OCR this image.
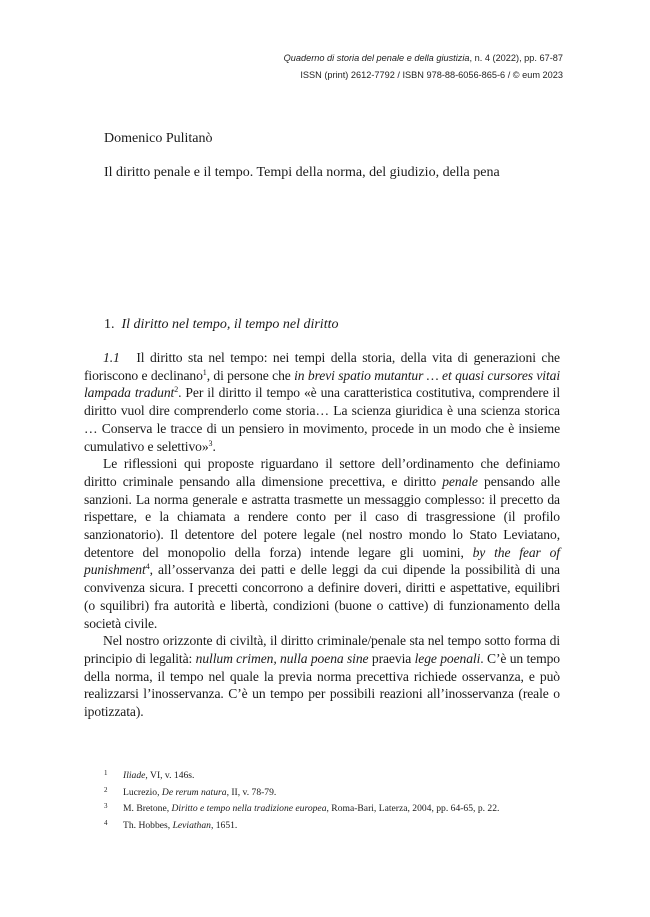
Quaderno di storia del penale e della giustizia, n. 4 (2022), pp. 67-87
ISSN (print) 2612-7792 / ISBN 978-88-6056-865-6 / © eum 2023
Domenico Pulitanò
Il diritto penale e il tempo. Tempi della norma, del giudizio, della pena
1. Il diritto nel tempo, il tempo nel diritto

1.1 Il diritto sta nel tempo: nei tempi della storia, della vita di generazioni che fioriscono e declinano$^1$, di persone che in brevi spatio mutantur … et quasi cursores vitai lampada tradunt$^2$. Per il diritto il tempo «è una caratteristica costitutiva, comprendere il diritto vuol dire comprenderlo come storia… La scienza giuridica è una scienza storica … Conserva le tracce di un pensiero in movimento, procede in un modo che è insieme cumulativo e selettivo»$^3$.

Le riflessioni qui proposte riguardano il settore dell’ordinamento che definiamo diritto criminale pensando alla dimensione precettiva, e diritto penale pensando alle sanzioni. La norma generale e astratta trasmette un messaggio complesso: il precetto da rispettare, e la chiamata a rendere conto per il caso di trasgressione (il profilo sanzionatorio). Il detentore del potere legale (nel nostro mondo lo Stato Leviatano, detentore del monopolio della forza) intende legare gli uomini, by the fear of punishment$^4$, all’osservanza dei patti e delle leggi da cui dipende la possibilità di una convivenza sicura. I precetti concorrono a definire doveri, diritti e aspettative, equilibri (o squilibri) fra autorità e libertà, condizioni (buone o cattive) di funzionamento della società civile.

Nel nostro orizzonte di civiltà, il diritto criminale/penale sta nel tempo sotto forma di principio di legalità: nullum crimen, nulla poena sine praevia lege poenali. C’è un tempo della norma, il tempo nel quale la previa norma precettiva richiede osservanza, e può realizzarsi l’inosservanza. C’è un tempo per possibili reazioni all’inosservanza (reale o ipotizzata).

1 Iliade, VI, v. 146s.
2 Lucrezio, De rerum natura, II, v. 78-79.
3 M. Bretone, Diritto e tempo nella tradizione europea, Roma-Bari, Laterza, 2004, pp. 64-65, p. 22.
4 Th. Hobbes, Leviathan, 1651.
